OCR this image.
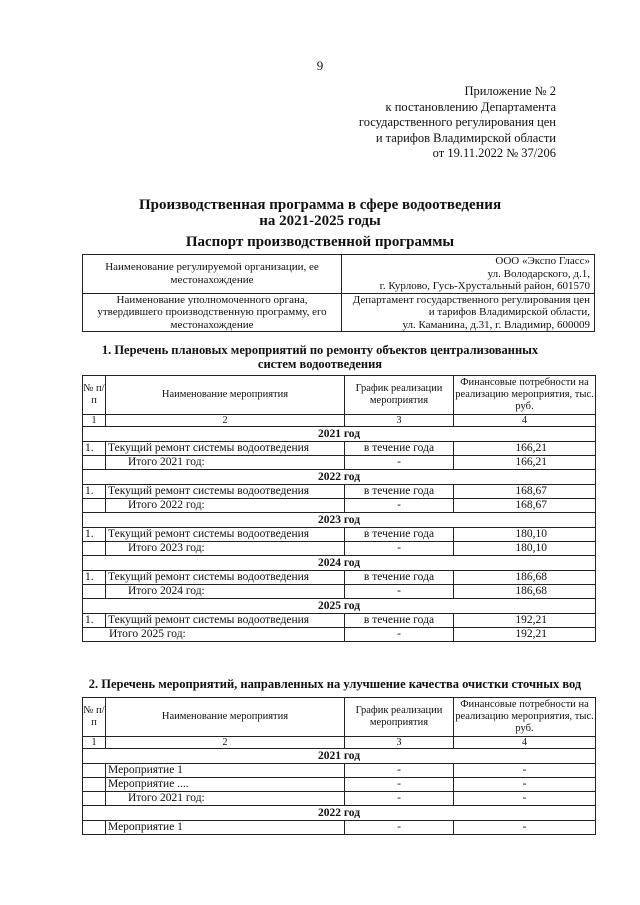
9
Приложение № 2
к постановлению Департамента
государственного регулирования цен
и тарифов Владимирской области
от 19.11.2022 № 37/206
Производственная программа в сфере водоотведения
на 2021-2025 годы
Паспорт производственной программы
Наименование регулируемой организации, ее местонахождение	ООО «Экспо Гласс»
ул. Володарского, д.1,
г. Курлово, Гусь-Хрустальный район, 601570

Наименование уполномоченного органа, утвердившего производственную программу, его местонахождение	Департамент государственного регулирования цен
и тарифов Владимирской области,
ул. Каманина, д.31, г. Владимир, 600009
1. Перечень плановых мероприятий по ремонту объектов централизованных
систем водоотведения
№ п/п	Наименование мероприятия	График реализации мероприятия	Финансовые потребности на реализацию мероприятия, тыс. руб.
1	2	3	4
2021 год			
1.	Текущий ремонт системы водоотведения	в течение года	166,21
	Итого 2021 год:	-	166,21
2022 год			
1.	Текущий ремонт системы водоотведения	в течение года	168,67
	Итого 2022 год:	-	168,67
2023 год			
1.	Текущий ремонт системы водоотведения	в течение года	180,10
	Итого 2023 год:	-	180,10
2024 год			
1.	Текущий ремонт системы водоотведения	в течение года	186,68
	Итого 2024 год:	-	186,68
2025 год			
1.	Текущий ремонт системы водоотведения	в течение года	192,21
Итого 2025 год:		-	192,21
2. Перечень мероприятий, направленных на улучшение качества очистки сточных вод
№ п/п	Наименование мероприятия	График реализации мероприятия	Финансовые потребности на реализацию мероприятия, тыс. руб.
1	2	3	4
2021 год			
	Мероприятие 1	-	-
	Мероприятие ....	-	-
	Итого 2021 год:	-	-
2022 год			
	Мероприятие 1	-	-
